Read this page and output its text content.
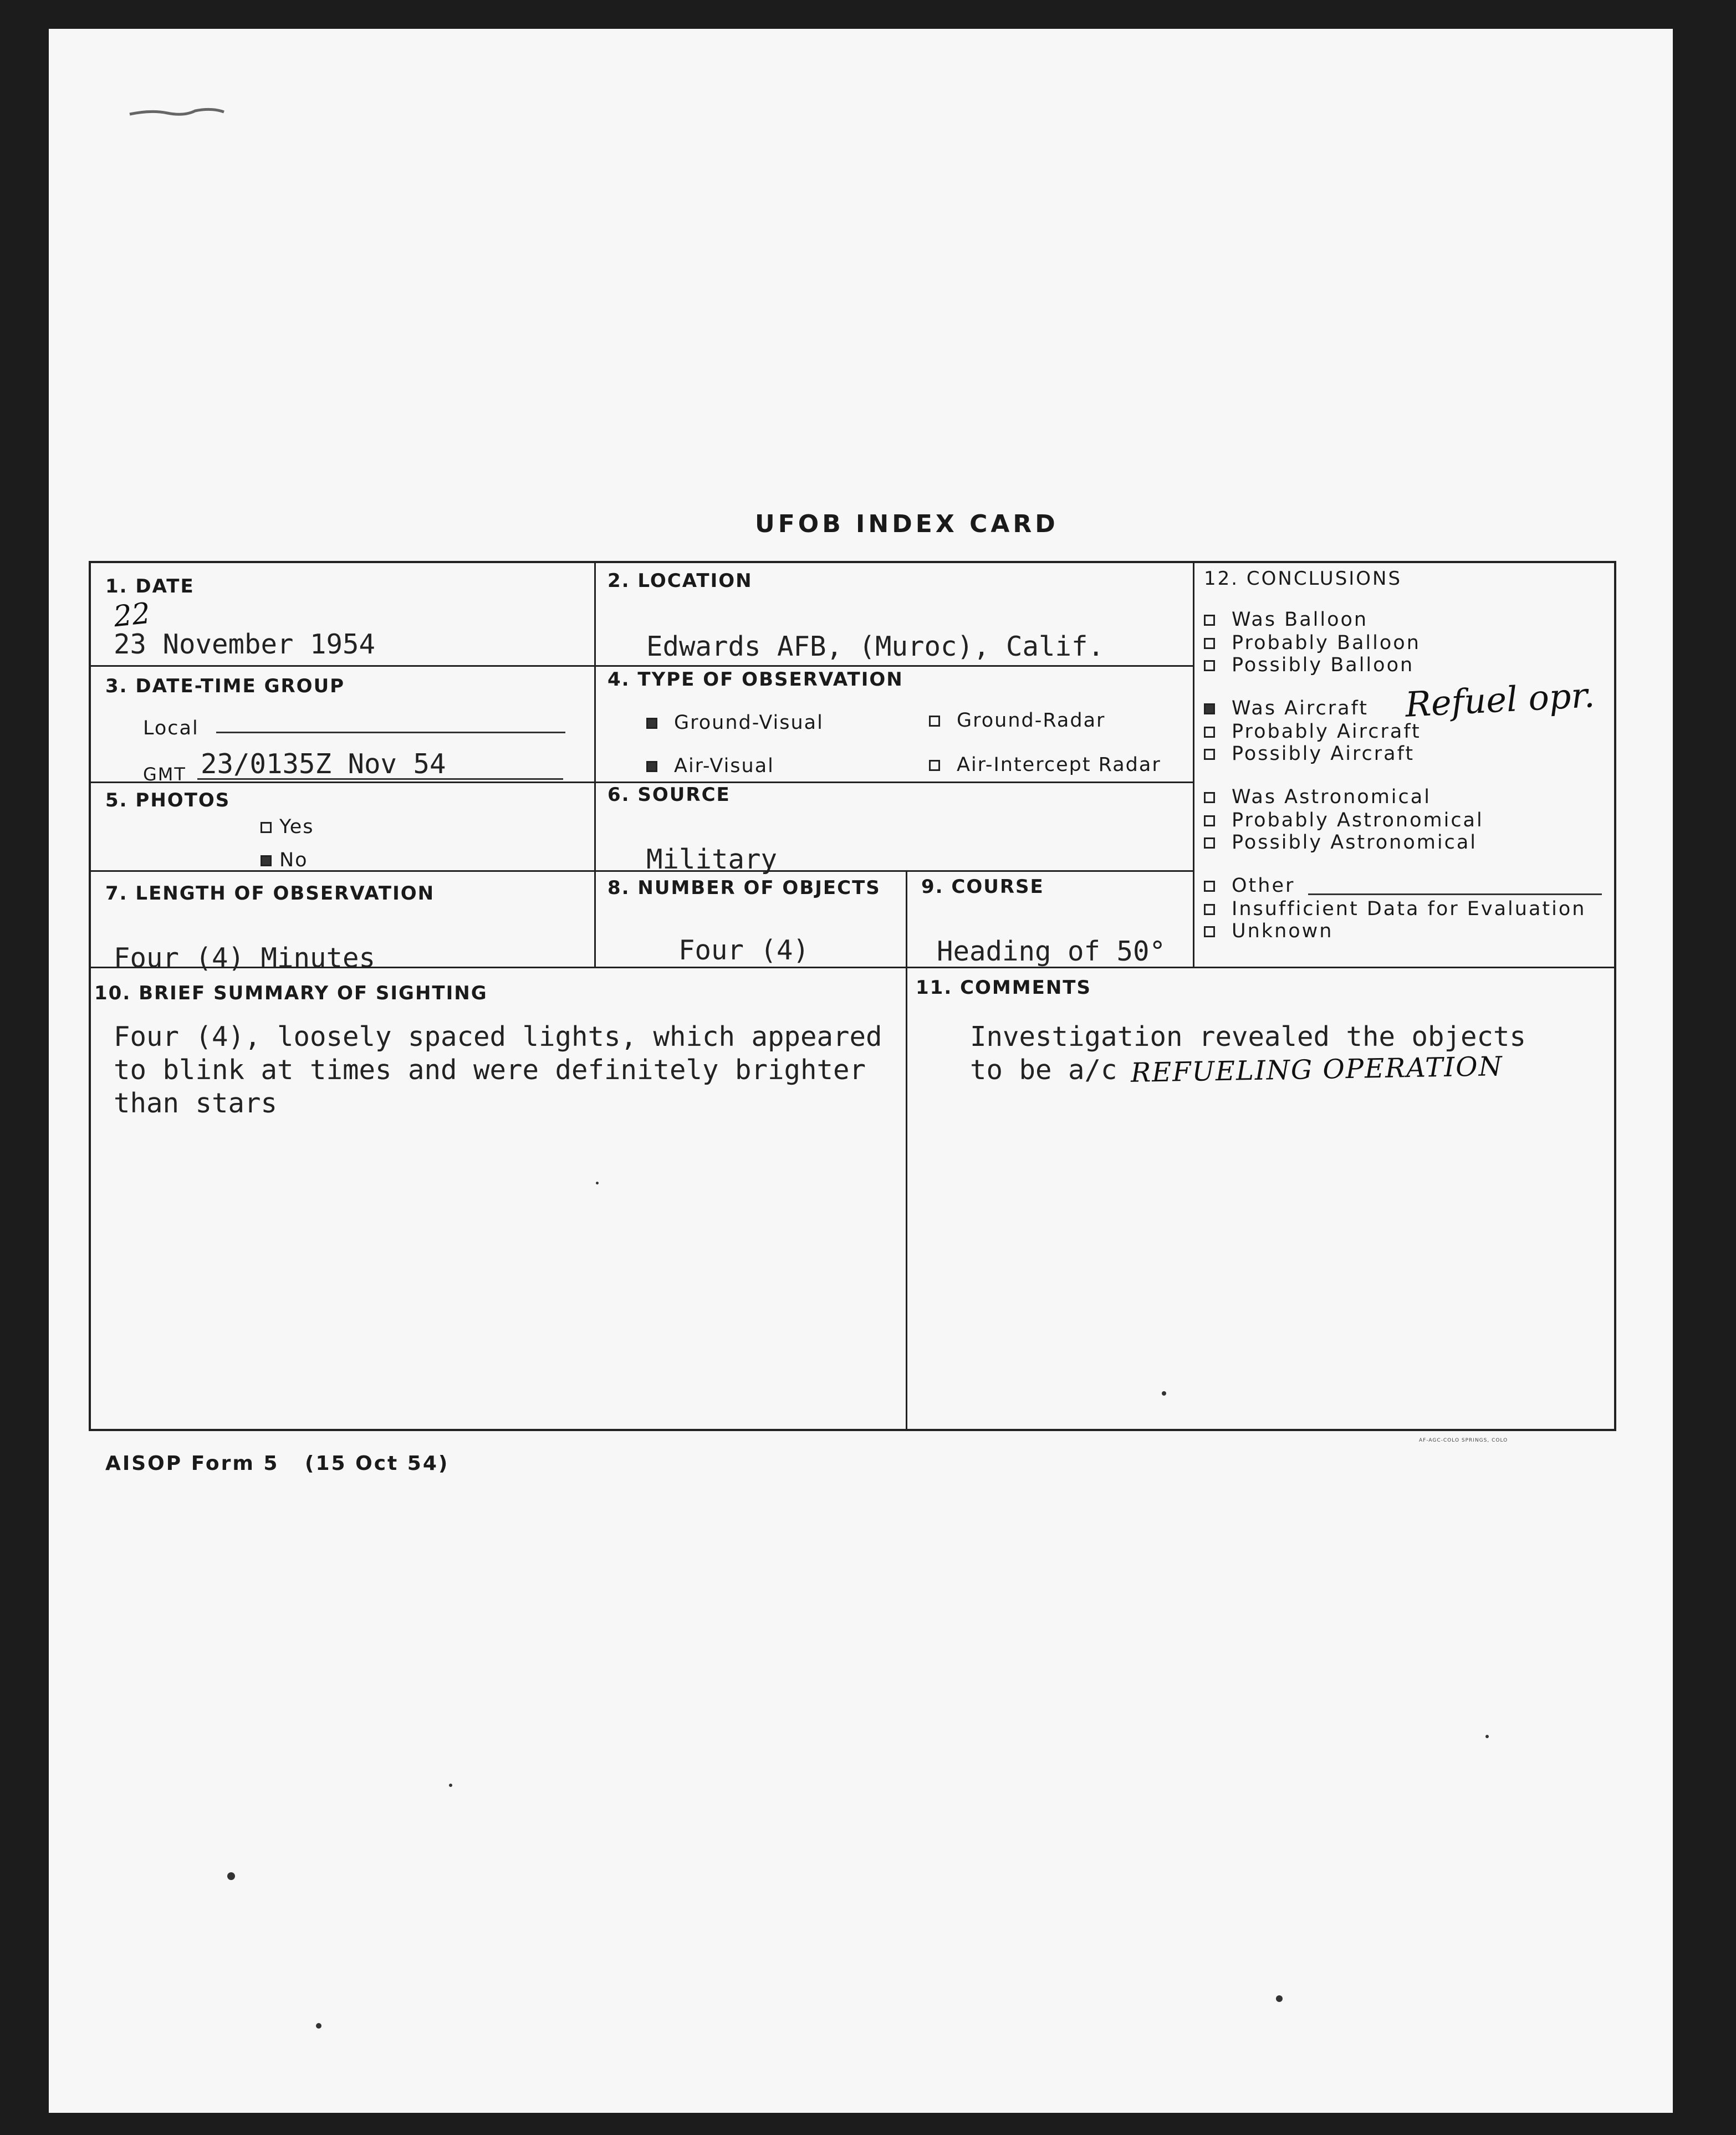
UFOB INDEX CARD
1. DATE
22
23 November 1954
2. LOCATION
Edwards AFB, (Muroc), Calif.
3. DATE-TIME GROUP
Local
GMT 23/0135Z Nov 54
4. TYPE OF OBSERVATION
Ground-Visual	Ground-Radar
Air-Visual	Air-Intercept Radar
5. PHOTOS
Yes
No
6. SOURCE
Military
7. LENGTH OF OBSERVATION
Four (4) Minutes
8. NUMBER OF OBJECTS
Four (4)
9. COURSE
Heading of 50°
10. BRIEF SUMMARY OF SIGHTING
Four (4), loosely spaced lights, which appeared
to blink at times and were definitely brighter
than stars
11. COMMENTS
Investigation revealed the objects
to be a/c REFUELING OPERATION
12. CONCLUSIONS
Was Balloon
Probably Balloon
Possibly Balloon
Was Aircraft Refuel opr.
Probably Aircraft
Possibly Aircraft
Was Astronomical
Probably Astronomical
Possibly Astronomical
Other
Insufficient Data for Evaluation
Unknown
AISOP Form 5   (15 Oct 54)
AF-AGC-COLO SPRINGS, COLO
